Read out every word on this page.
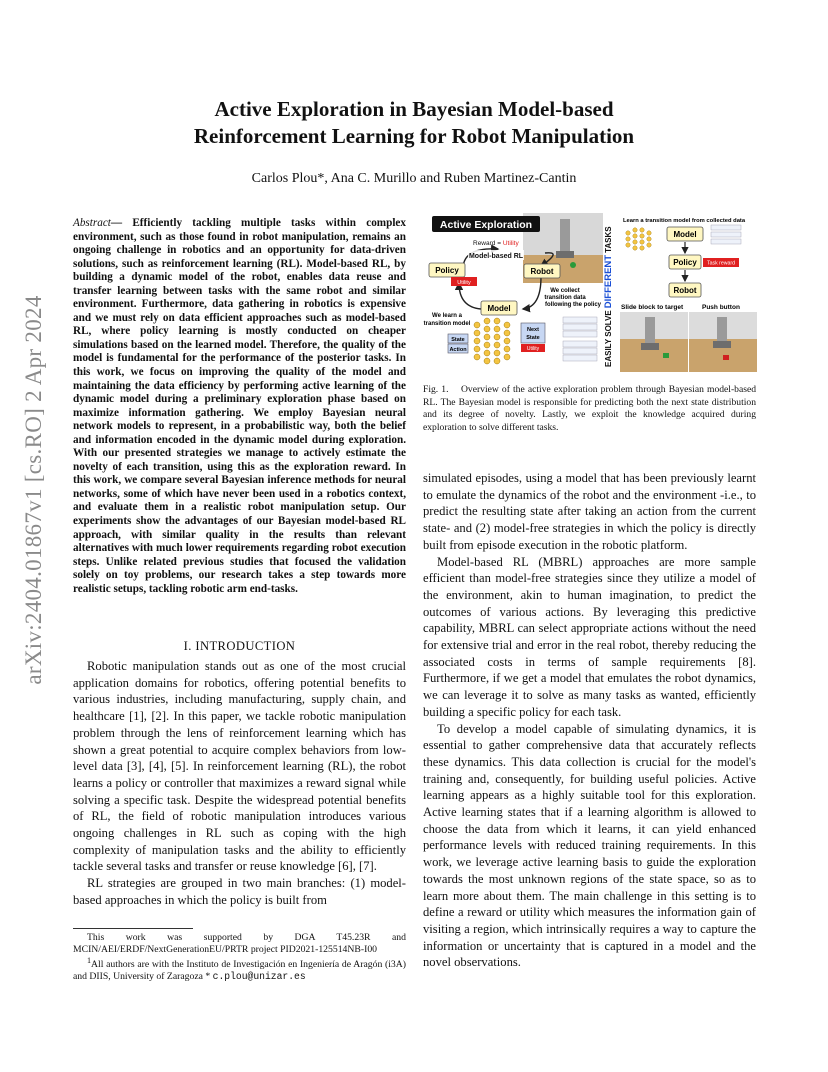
arXiv:2404.01867v1 [cs.RO] 2 Apr 2024
Active Exploration in Bayesian Model-based
Reinforcement Learning for Robot Manipulation
Carlos Plou*, Ana C. Murillo and Ruben Martinez-Cantin

Abstract— Efficiently tackling multiple tasks within complex environment, such as those found in robot manipulation, remains an ongoing challenge in robotics and an opportunity for data-driven solutions, such as reinforcement learning (RL). Model-based RL, by building a dynamic model of the robot, enables data reuse and transfer learning between tasks with the same robot and similar environment. Furthermore, data gathering in robotics is expensive and we must rely on data efficient approaches such as model-based RL, where policy learning is mostly conducted on cheaper simulations based on the learned model. Therefore, the quality of the model is fundamental for the performance of the posterior tasks. In this work, we focus on improving the quality of the model and maintaining the data efficiency by performing active learning of the dynamic model during a preliminary exploration phase based on maximize information gathering. We employ Bayesian neural network models to represent, in a probabilistic way, both the belief and information encoded in the dynamic model during exploration. With our presented strategies we manage to actively estimate the novelty of each transition, using this as the exploration reward. In this work, we compare several Bayesian inference methods for neural networks, some of which have never been used in a robotics context, and evaluate them in a realistic robot manipulation setup. Our experiments show the advantages of our Bayesian model-based RL approach, with similar quality in the results than relevant alternatives with much lower requirements regarding robot execution steps. Unlike related previous studies that focused the validation solely on toy problems, our research takes a step towards more realistic setups, tackling robotic arm end-tasks.

I. INTRODUCTION

Robotic manipulation stands out as one of the most crucial application domains for robotics, offering potential benefits to various industries, including manufacturing, supply chain, and healthcare [1], [2]. In this paper, we tackle robotic manipulation problem through the lens of reinforcement learning which has shown a great potential to acquire complex behaviors from low-level data [3], [4], [5]. In reinforcement learning (RL), the robot learns a policy or controller that maximizes a reward signal while solving a specific task. Despite the widespread potential benefits of RL, the field of robotic manipulation introduces various ongoing challenges in RL such as coping with the high complexity of manipulation tasks and the ability to efficiently tackle several tasks and transfer or reuse knowledge [6], [7].

RL strategies are grouped in two main branches: (1) model-based approaches in which the policy is built from

This work was supported by DGA T45.23R and MCIN/AEI/ERDF/NextGenerationEU/PRTR project PID2021-125514NB-I00

$^1$All authors are with the Instituto de Investigación en Ingeniería de Aragón (i3A) and DIIS, University of Zaragoza * c.plou@unizar.es

Active Exploration
Reward = Utility
Model-based RL
Policy
Utility
Robot
Model
We collect
transition data
following the policy
We learn a
transition model
State
Action
Next
State
Utility	EASILY SOLVEDIFFERENTTASKS
Learn a transition model from collected data
Model
Policy Task reward
Robot
Slide block to target	Push button
Fig. 1. Overview of the active exploration problem through Bayesian model-based RL. The Bayesian model is responsible for predicting both the next state distribution and its degree of novelty. Lastly, we exploit the knowledge acquired during exploration to solve different tasks.

simulated episodes, using a model that has been previously learnt to emulate the dynamics of the robot and the environment -i.e., to predict the resulting state after taking an action from the current state- and (2) model-free strategies in which the policy is directly built from episode execution in the robotic platform.

Model-based RL (MBRL) approaches are more sample efficient than model-free strategies since they utilize a model of the environment, akin to human imagination, to predict the outcomes of various actions. By leveraging this predictive capability, MBRL can select appropriate actions without the need for extensive trial and error in the real robot, thereby reducing the associated costs in terms of sample requirements [8]. Furthermore, if we get a model that emulates the robot dynamics, we can leverage it to solve as many tasks as wanted, efficiently building a specific policy for each task.

To develop a model capable of simulating dynamics, it is essential to gather comprehensive data that accurately reflects these dynamics. This data collection is crucial for the model's training and, consequently, for building useful policies. Active learning appears as a highly suitable tool for this exploration. Active learning states that if a learning algorithm is allowed to choose the data from which it learns, it can yield enhanced performance levels with reduced training requirements. In this work, we leverage active learning basis to guide the exploration towards the most unknown regions of the state space, so as to learn more about them. The main challenge in this setting is to define a reward or utility which measures the information gain of visiting a region, which intrinsically requires a way to capture the information or uncertainty that is captured in a model and the novel observations.
